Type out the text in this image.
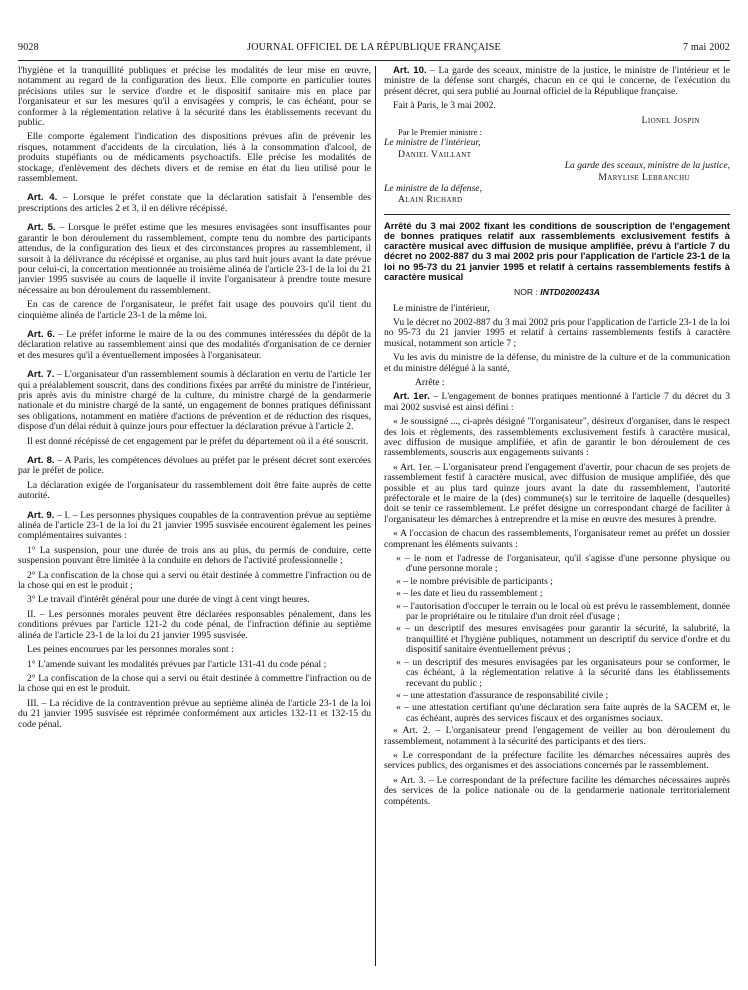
9028	JOURNAL OFFICIEL DE LA RÉPUBLIQUE FRANÇAISE	7 mai 2002

l'hygiène et la tranquillité publiques et précise les modalités de leur mise en œuvre, notamment au regard de la configuration des lieux. Elle comporte en particulier toutes précisions utiles sur le service d'ordre et le dispositif sanitaire mis en place par l'organisateur et sur les mesures qu'il a envisagées y compris, le cas échéant, pour se conformer à la réglementation relative à la sécurité dans les établissements recevant du public.

Elle comporte également l'indication des dispositions prévues afin de prévenir les risques, notamment d'accidents de la circulation, liés à la consommation d'alcool, de produits stupéfiants ou de médicaments psychoactifs. Elle précise les modalités de stockage, d'enlèvement des déchets divers et de remise en état du lieu utilisé pour le rassemblement.

Art. 4. – Lorsque le préfet constate que la déclaration satisfait à l'ensemble des prescriptions des articles 2 et 3, il en délivre récépissé.

Art. 5. – Lorsque le préfet estime que les mesures envisagées sont insuffisantes pour garantir le bon déroulement du rassemblement, compte tenu du nombre des participants attendus, de la configuration des lieux et des circonstances propres au rassemblement, il sursoit à la délivrance du récépissé et organise, au plus tard huit jours avant la date prévue pour celui-ci, la concertation mentionnée au troisième alinéa de l'article 23-1 de la loi du 21 janvier 1995 susvisée au cours de laquelle il invite l'organisateur à prendre toute mesure nécessaire au bon déroulement du rassemblement.

En cas de carence de l'organisateur, le préfet fait usage des pouvoirs qu'il tient du cinquième alinéa de l'article 23-1 de la même loi.

Art. 6. – Le préfet informe le maire de la ou des communes intéressées du dépôt de la déclaration relative au rassemblement ainsi que des modalités d'organisation de ce dernier et des mesures qu'il a éventuellement imposées à l'organisateur.

Art. 7. – L'organisateur d'un rassemblement soumis à déclaration en vertu de l'article 1er qui a préalablement souscrit, dans des conditions fixées par arrêté du ministre de l'intérieur, pris après avis du ministre chargé de la culture, du ministre chargé de la gendarmerie nationale et du ministre chargé de la santé, un engagement de bonnes pratiques définissant ses obligations, notamment en matière d'actions de prévention et de réduction des risques, dispose d'un délai réduit à quinze jours pour effectuer la déclaration prévue à l'article 2.

Il est donné récépissé de cet engagement par le préfet du département où il a été souscrit.

Art. 8. – A Paris, les compétences dévolues au préfet par le présent décret sont exercées par le préfet de police.

La déclaration exigée de l'organisateur du rassemblement doit être faite auprès de cette autorité.

Art. 9. – I. – Les personnes physiques coupables de la contravention prévue au septième alinéa de l'article 23-1 de la loi du 21 janvier 1995 susvisée encourent également les peines complémentaires suivantes :

1° La suspension, pour une durée de trois ans au plus, du permis de conduire, cette suspension pouvant être limitée à la conduite en dehors de l'activité professionnelle ;

2° La confiscation de la chose qui a servi ou était destinée à commettre l'infraction ou de la chose qui en est le produit ;

3° Le travail d'intérêt général pour une durée de vingt à cent vingt heures.

II. – Les personnes morales peuvent être déclarées responsables pénalement, dans les conditions prévues par l'article 121-2 du code pénal, de l'infraction définie au septième alinéa de l'article 23-1 de la loi du 21 janvier 1995 susvisée.

Les peines encourues par les personnes morales sont :

1° L'amende suivant les modalités prévues par l'article 131-41 du code pénal ;

2° La confiscation de la chose qui a servi ou était destinée à commettre l'infraction ou de la chose qui en est le produit.

III. – La récidive de la contravention prévue au septième alinéa de l'article 23-1 de la loi du 21 janvier 1995 susvisée est réprimée conformément aux articles 132-11 et 132-15 du code pénal.

Art. 10. – La garde des sceaux, ministre de la justice, le ministre de l'intérieur et le ministre de la défense sont chargés, chacun en ce qui le concerne, de l'exécution du présent décret, qui sera publié au Journal officiel de la République française.

Fait à Paris, le 3 mai 2002.

Lionel Jospin

Par le Premier ministre :

Le ministre de l'intérieur,

Daniel Vaillant

La garde des sceaux, ministre de la justice,

Marylise Lebranchu

Le ministre de la défense,

Alain Richard

Arrêté du 3 mai 2002 fixant les conditions de souscription de l'engagement de bonnes pratiques relatif aux rassemblements exclusivement festifs à caractère musical avec diffusion de musique amplifiée, prévu à l'article 7 du décret no 2002-887 du 3 mai 2002 pris pour l'application de l'article 23-1 de la loi no 95-73 du 21 janvier 1995 et relatif à certains rassemblements festifs à caractère musical

NOR : INTD0200243A

Le ministre de l'intérieur,

Vu le décret no 2002-887 du 3 mai 2002 pris pour l'application de l'article 23-1 de la loi no 95-73 du 21 janvier 1995 et relatif à certains rassemblements festifs à caractère musical, notamment son article 7 ;

Vu les avis du ministre de la défense, du ministre de la culture et de la communication et du ministre délégué à la santé,

Arrête :

Art. 1er. – L'engagement de bonnes pratiques mentionné à l'article 7 du décret du 3 mai 2002 susvisé est ainsi défini :

« Je soussigné ..., ci-après désigné "l'organisateur", désireux d'organiser, dans le respect des lois et règlements, des rassemblements exclusivement festifs à caractère musical, avec diffusion de musique amplifiée, et afin de garantir le bon déroulement de ces rassemblements, souscris aux engagements suivants :

« Art. 1er. – L'organisateur prend l'engagement d'avertir, pour chacun de ses projets de rassemblement festif à caractère musical, avec diffusion de musique amplifiée, dès que possible et au plus tard quinze jours avant la date du rassemblement, l'autorité préfectorale et le maire de la (des) commune(s) sur le territoire de laquelle (desquelles) doit se tenir ce rassemblement. Le préfet désigne un correspondant chargé de faciliter à l'organisateur les démarches à entreprendre et la mise en œuvre des mesures à prendre.

« A l'occasion de chacun des rassemblements, l'organisateur remet au préfet un dossier comprenant les éléments suivants :

« – le nom et l'adresse de l'organisateur, qu'il s'agisse d'une personne physique ou d'une personne morale ;

« – le nombre prévisible de participants ;

« – les date et lieu du rassemblement ;

« – l'autorisation d'occuper le terrain ou le local où est prévu le rassemblement, donnée par le propriétaire ou le titulaire d'un droit réel d'usage ;

« – un descriptif des mesures envisagées pour garantir la sécurité, la salubrité, la tranquillité et l'hygiène publiques, notamment un descriptif du service d'ordre et du dispositif sanitaire éventuellement prévus ;

« – un descriptif des mesures envisagées par les organisateurs pour se conformer, le cas échéant, à la réglementation relative à la sécurité dans les établissements recevant du public ;

« – une attestation d'assurance de responsabilité civile ;

« – une attestation certifiant qu'une déclaration sera faite auprès de la SACEM et, le cas échéant, auprès des services fiscaux et des organismes sociaux.

« Art. 2. – L'organisateur prend l'engagement de veiller au bon déroulement du rassemblement, notamment à la sécurité des participants et des tiers.

« Le correspondant de la préfecture facilite les démarches nécessaires auprès des services publics, des organismes et des associations concernés par le rassemblement.

« Art. 3. – Le correspondant de la préfecture facilite les démarches nécessaires auprès des services de la police nationale ou de la gendarmerie nationale territorialement compétents.
